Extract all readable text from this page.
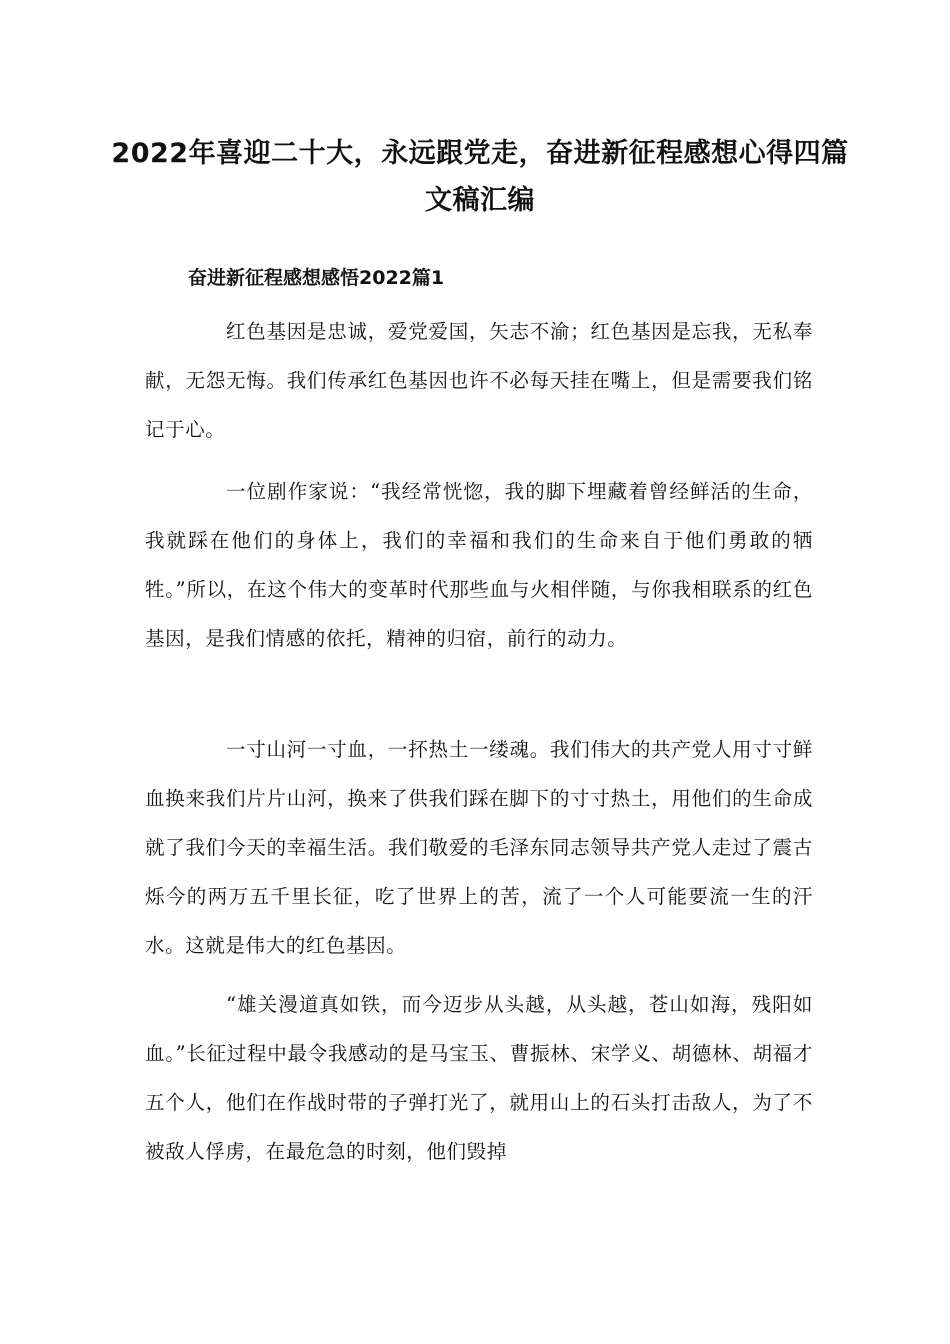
2022年喜迎二十大，永远跟党走，奋进新征程感想心得四篇文稿汇编
奋进新征程感想感悟2022篇1

红色基因是忠诚，爱党爱国，矢志不渝；红色基因是忘我，无私奉献，无怨无悔。我们传承红色基因也许不必每天挂在嘴上，但是需要我们铭记于心。

一位剧作家说：“我经常恍惚，我的脚下埋藏着曾经鲜活的生命，我就踩在他们的身体上，我们的幸福和我们的生命来自于他们勇敢的牺牲。”所以，在这个伟大的变革时代那些血与火相伴随，与你我相联系的红色基因，是我们情感的依托，精神的归宿，前行的动力。

一寸山河一寸血，一抔热土一缕魂。我们伟大的共产党人用寸寸鲜血换来我们片片山河，换来了供我们踩在脚下的寸寸热土，用他们的生命成就了我们今天的幸福生活。我们敬爱的毛泽东同志领导共产党人走过了震古烁今的两万五千里长征，吃了世界上的苦，流了一个人可能要流一生的汗水。这就是伟大的红色基因。

“雄关漫道真如铁，而今迈步从头越，从头越，苍山如海，残阳如血。”长征过程中最令我感动的是马宝玉、曹振林、宋学义、胡德林、胡福才五个人，他们在作战时带的子弹打光了，就用山上的石头打击敌人，为了不被敌人俘虏，在最危急的时刻，他们毁掉
